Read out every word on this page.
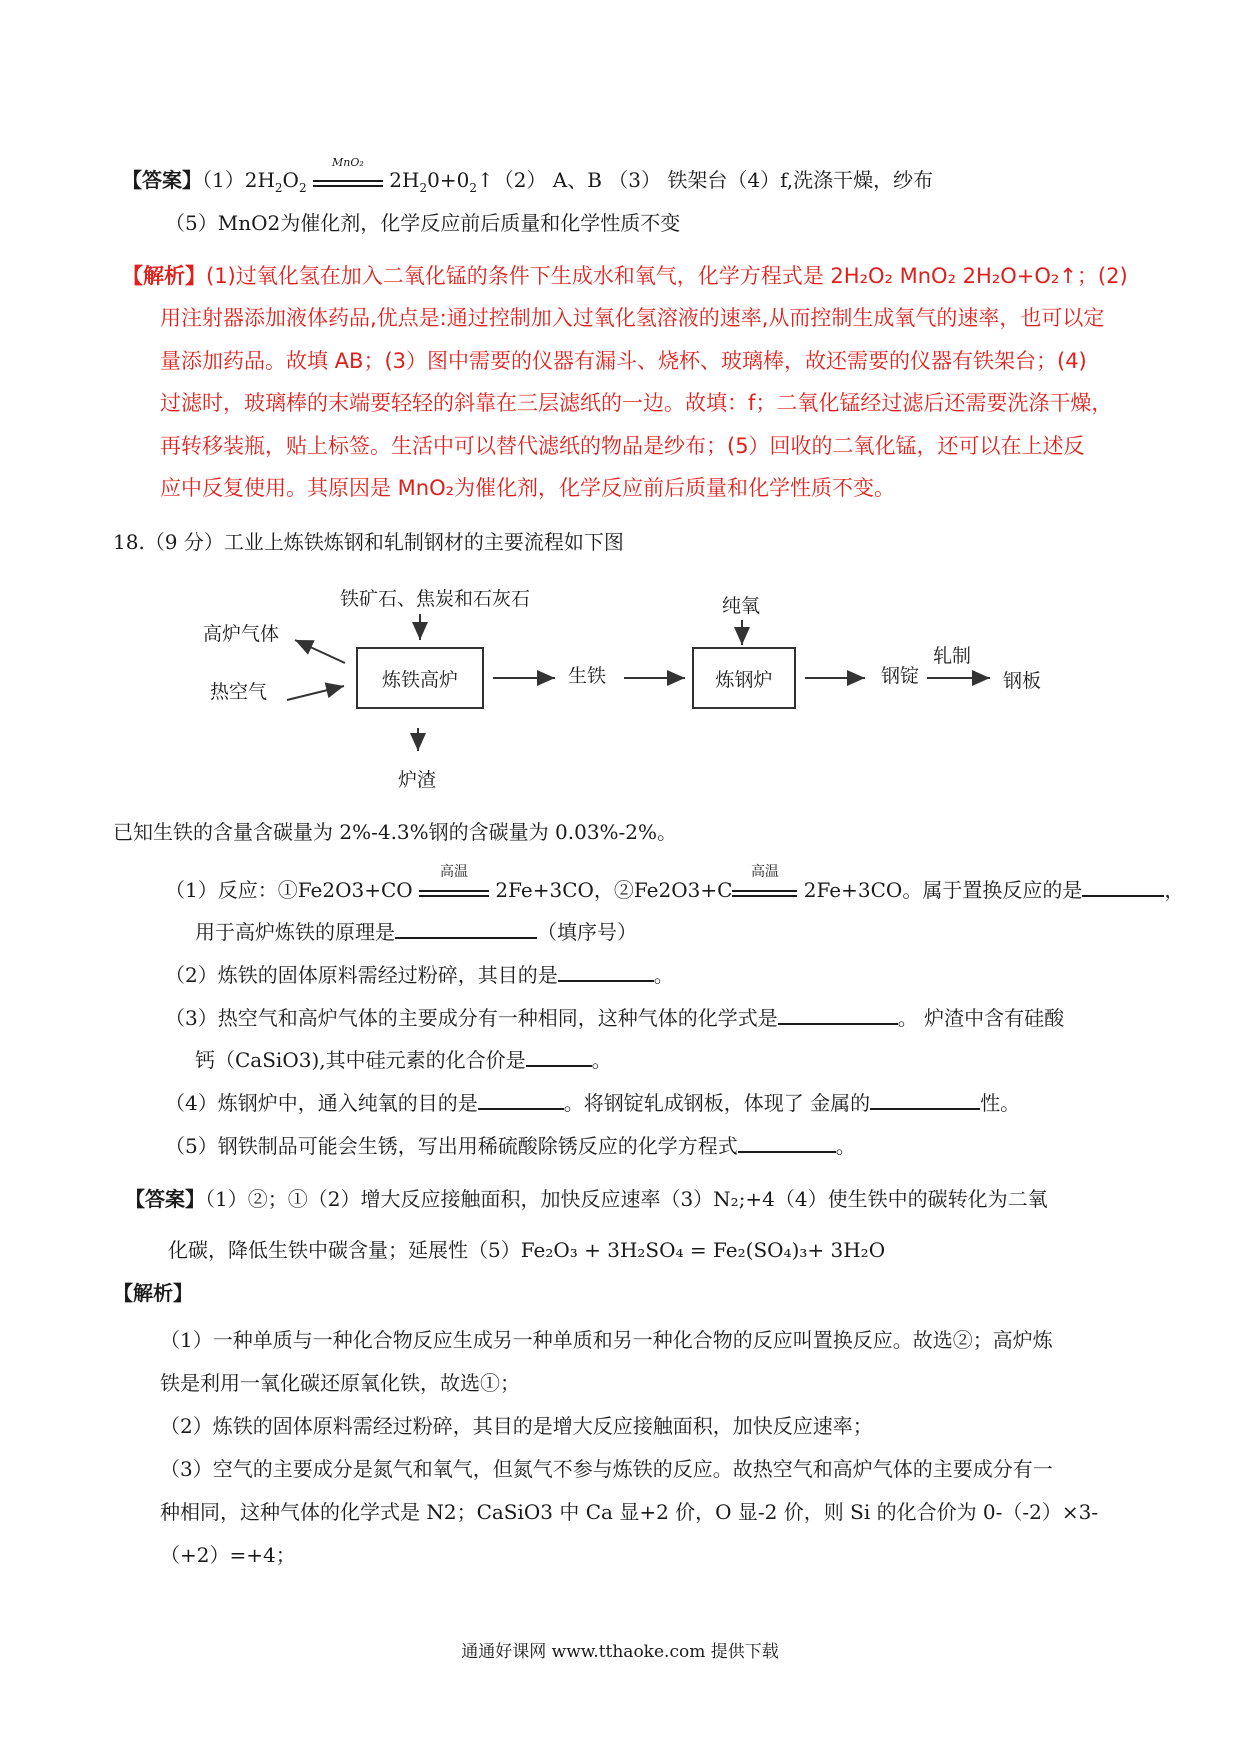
【答案】$(1)2H_2O_2$
MnO₂
$2H_20+0_2↑(2)$ A、B （3） 铁架台（4）f,洗涤干燥，纱布
（5）MnO2为催化剂，化学反应前后质量和化学性质不变
【解析】(1)过氧化氢在加入二氧化锰的条件下生成水和氧气，化学方程式是 2H₂O₂ MnO₂ 2H₂O+O₂↑；(2)
用注射器添加液体药品,优点是:通过控制加入过氧化氢溶液的速率,从而控制生成氧气的速率，也可以定
量添加药品。故填 AB；(3）图中需要的仪器有漏斗、烧杯、玻璃棒，故还需要的仪器有铁架台；(4)
过滤时，玻璃棒的末端要轻轻的斜靠在三层滤纸的一边。故填：f；二氧化锰经过滤后还需要洗涤干燥，
再转移装瓶，贴上标签。生活中可以替代滤纸的物品是纱布；(5）回收的二氧化锰，还可以在上述反
应中反复使用。其原因是 MnO₂为催化剂，化学反应前后质量和化学性质不变。
18.（9 分）工业上炼铁炼钢和轧制钢材的主要流程如下图
铁矿石、焦炭和石灰石
高炉气体
热空气
炼铁高炉
炉渣
生铁
纯氧
炼钢炉	钢锭
轧制
钢板
已知生铁的含量含碳量为 2%-4.3%钢的含碳量为 0.03%-2%。
（1）反应：①Fe2O3+CO
高温
2Fe+3CO，②Fe2O3+C
高温
2Fe+3CO。属于置换反应的是	，
用于高炉炼铁的原理是	（填序号）
（2）炼铁的固体原料需经过粉碎，其目的是	。
（3）热空气和高炉气体的主要成分有一种相同，这种气体的化学式是	。 炉渣中含有硅酸
钙（CaSiO3),其中硅元素的化合价是	。
（4）炼钢炉中，通入纯氧的目的是	。将钢锭轧成钢板，体现了 金属的	性。
（5）钢铁制品可能会生锈，写出用稀硫酸除锈反应的化学方程式	。
【答案】（1）②；①（2）增大反应接触面积，加快反应速率（3）N₂;+4（4）使生铁中的碳转化为二氧
化碳，降低生铁中碳含量；延展性（5）Fe₂O₃ + 3H₂SO₄ = Fe₂(SO₄)₃+ 3H₂O
【解析】
（1）一种单质与一种化合物反应生成另一种单质和另一种化合物的反应叫置换反应。故选②；高炉炼
铁是利用一氧化碳还原氧化铁，故选①；
（2）炼铁的固体原料需经过粉碎，其目的是增大反应接触面积，加快反应速率；
（3）空气的主要成分是氮气和氧气，但氮气不参与炼铁的反应。故热空气和高炉气体的主要成分有一
种相同，这种气体的化学式是 N2；CaSiO3 中 Ca 显+2 价，O 显-2 价，则 Si 的化合价为 0-（-2）×3-
（+2）=+4；
通通好课网 www.tthaoke.com 提供下载
